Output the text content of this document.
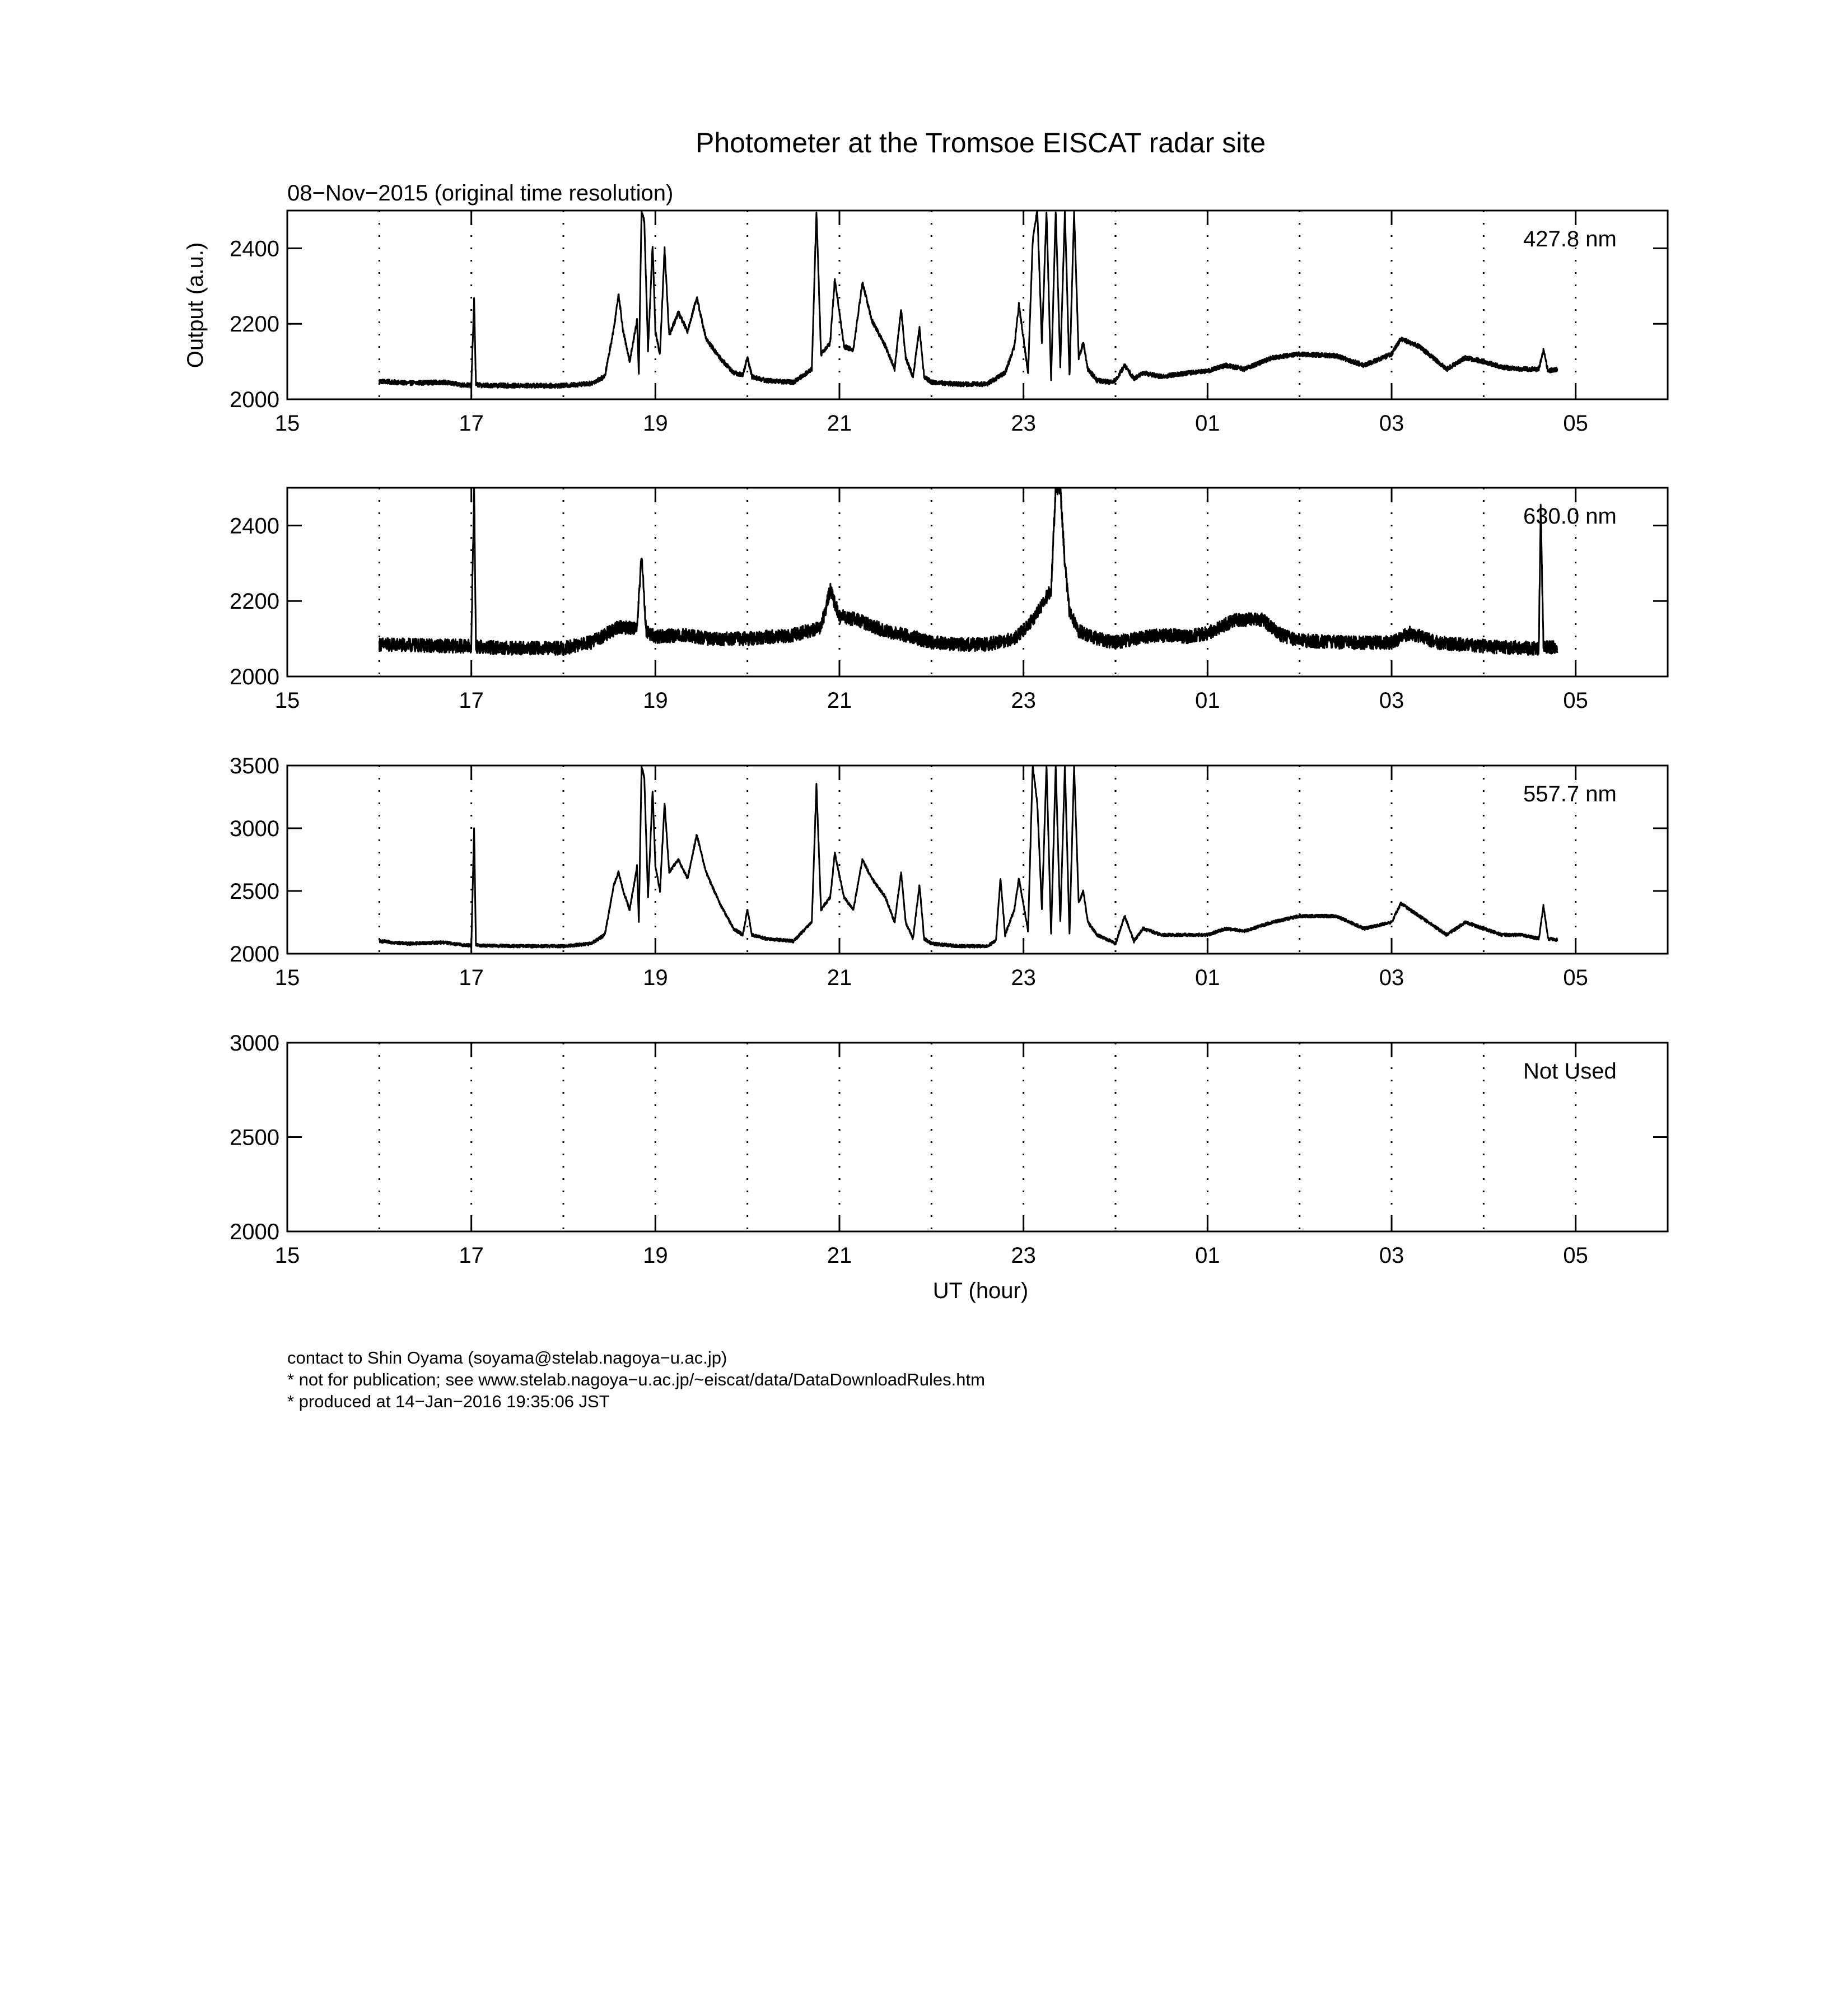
Photometer at the Tromsoe EISCAT radar site
08−Nov−2015 (original time resolution)
Output (a.u.)
UT (hour)
2000
2200
2400
15	17	19	21	23	01	03	05
427.8 nm
2000
2200
2400
15	17	19	21	23	01	03	05
630.0 nm
2000
2500
3000
3500
15	17	19	21	23	01	03	05
557.7 nm
2000
2500
3000
15	17	19	21	23	01	03	05
Not Used
contact to Shin Oyama (soyama@stelab.nagoya−u.ac.jp)
* not for publication; see www.stelab.nagoya−u.ac.jp/~eiscat/data/DataDownloadRules.htm
* produced at 14−Jan−2016 19:35:06 JST
